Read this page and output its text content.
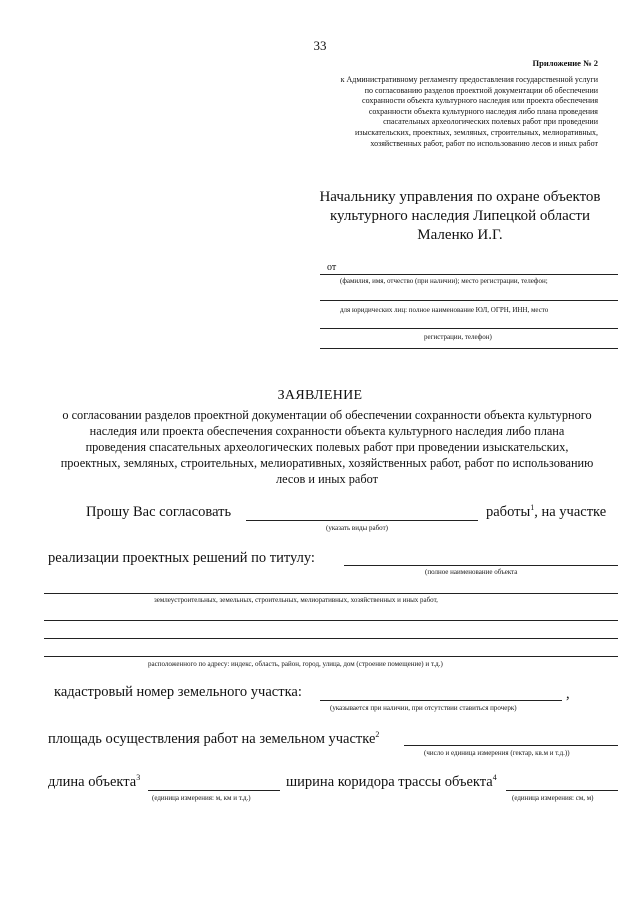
33
Приложение № 2
к Административному регламенту предоставления государственной услуги
по согласованию разделов проектной документации об обеспечении
сохранности объекта культурного наследия или проекта обеспечения
сохранности объекта культурного наследия либо плана проведения
спасательных археологических полевых работ при проведении
изыскательских, проектных, земляных, строительных, мелиоративных,
хозяйственных работ, работ по использованию лесов и иных работ
Начальнику управления по охране объектов
культурного наследия Липецкой области
Маленко И.Г.
от
(фамилия, имя, отчество (при наличии); место регистрации, телефон;
для юридических лиц: полное наименование ЮЛ, ОГРН, ИНН, место
регистрации, телефон)
ЗАЯВЛЕНИЕ
о согласовании разделов проектной документации об обеспечении сохранности объекта культурного
наследия или проекта обеспечения сохранности объекта культурного наследия либо плана
проведения спасательных археологических полевых работ при проведении изыскательских,
проектных, земляных, строительных, мелиоративных, хозяйственных работ, работ по использованию
лесов и иных работ
Прошу Вас согласовать	работы$^1$, на участке
(указать виды работ)
реализации проектных решений по титулу:
(полное наименование объекта
землеустроительных, земельных, строительных, мелиоративных, хозяйственных и иных работ,
расположенного по адресу: индекс, область, район, город, улица, дом (строение помещение) и т.д.)
кадастровый номер земельного участка:	,
(указывается при наличии, при отсутствии ставиться прочерк)
площадь осуществления работ на земельном участке$^2$
(число и единица измерения (гектар, кв.м и т.д.))
длина объекта$^3$
(единица измерения: м, км и т.д.)
ширина коридора трассы объекта$^4$
(единица измерения: см, м)
